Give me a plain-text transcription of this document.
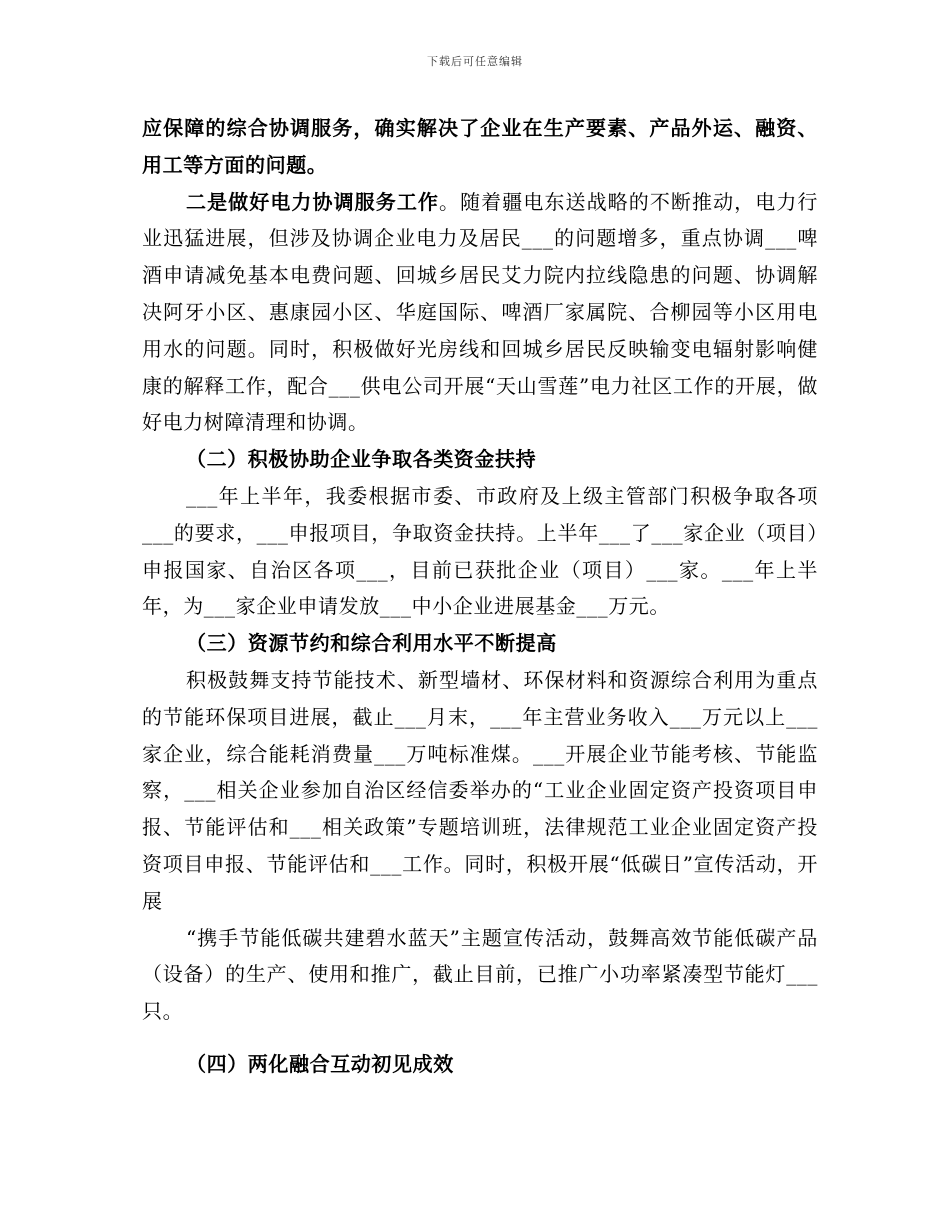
下载后可任意编辑

应保障的综合协调服务，确实解决了企业在生产要素、产品外运、融资、用工等方面的问题。

二是做好电力协调服务工作。随着疆电东送战略的不断推动，电力行业迅猛进展，但涉及协调企业电力及居民___的问题增多，重点协调___啤酒申请减免基本电费问题、回城乡居民艾力院内拉线隐患的问题、协调解决阿牙小区、惠康园小区、华庭国际、啤酒厂家属院、合柳园等小区用电用水的问题。同时，积极做好光房线和回城乡居民反映输变电辐射影响健康的解释工作，配合___供电公司开展“天山雪莲”电力社区工作的开展，做好电力树障清理和协调。

（二）积极协助企业争取各类资金扶持

___年上半年，我委根据市委、市政府及上级主管部门积极争取各项___的要求，___申报项目，争取资金扶持。上半年___了___家企业（项目）申报国家、自治区各项___，目前已获批企业（项目）___家。___年上半年，为___家企业申请发放___中小企业进展基金___万元。

（三）资源节约和综合利用水平不断提高

积极鼓舞支持节能技术、新型墙材、环保材料和资源综合利用为重点的节能环保项目进展，截止___月末，___年主营业务收入___万元以上___家企业，综合能耗消费量___万吨标准煤。___开展企业节能考核、节能监察，___相关企业参加自治区经信委举办的“工业企业固定资产投资项目申报、节能评估和___相关政策”专题培训班，法律规范工业企业固定资产投资项目申报、节能评估和___工作。同时，积极开展“低碳日”宣传活动，开展

“携手节能低碳共建碧水蓝天”主题宣传活动，鼓舞高效节能低碳产品（设备）的生产、使用和推广，截止目前，已推广小功率紧凑型节能灯___只。

（四）两化融合互动初见成效
